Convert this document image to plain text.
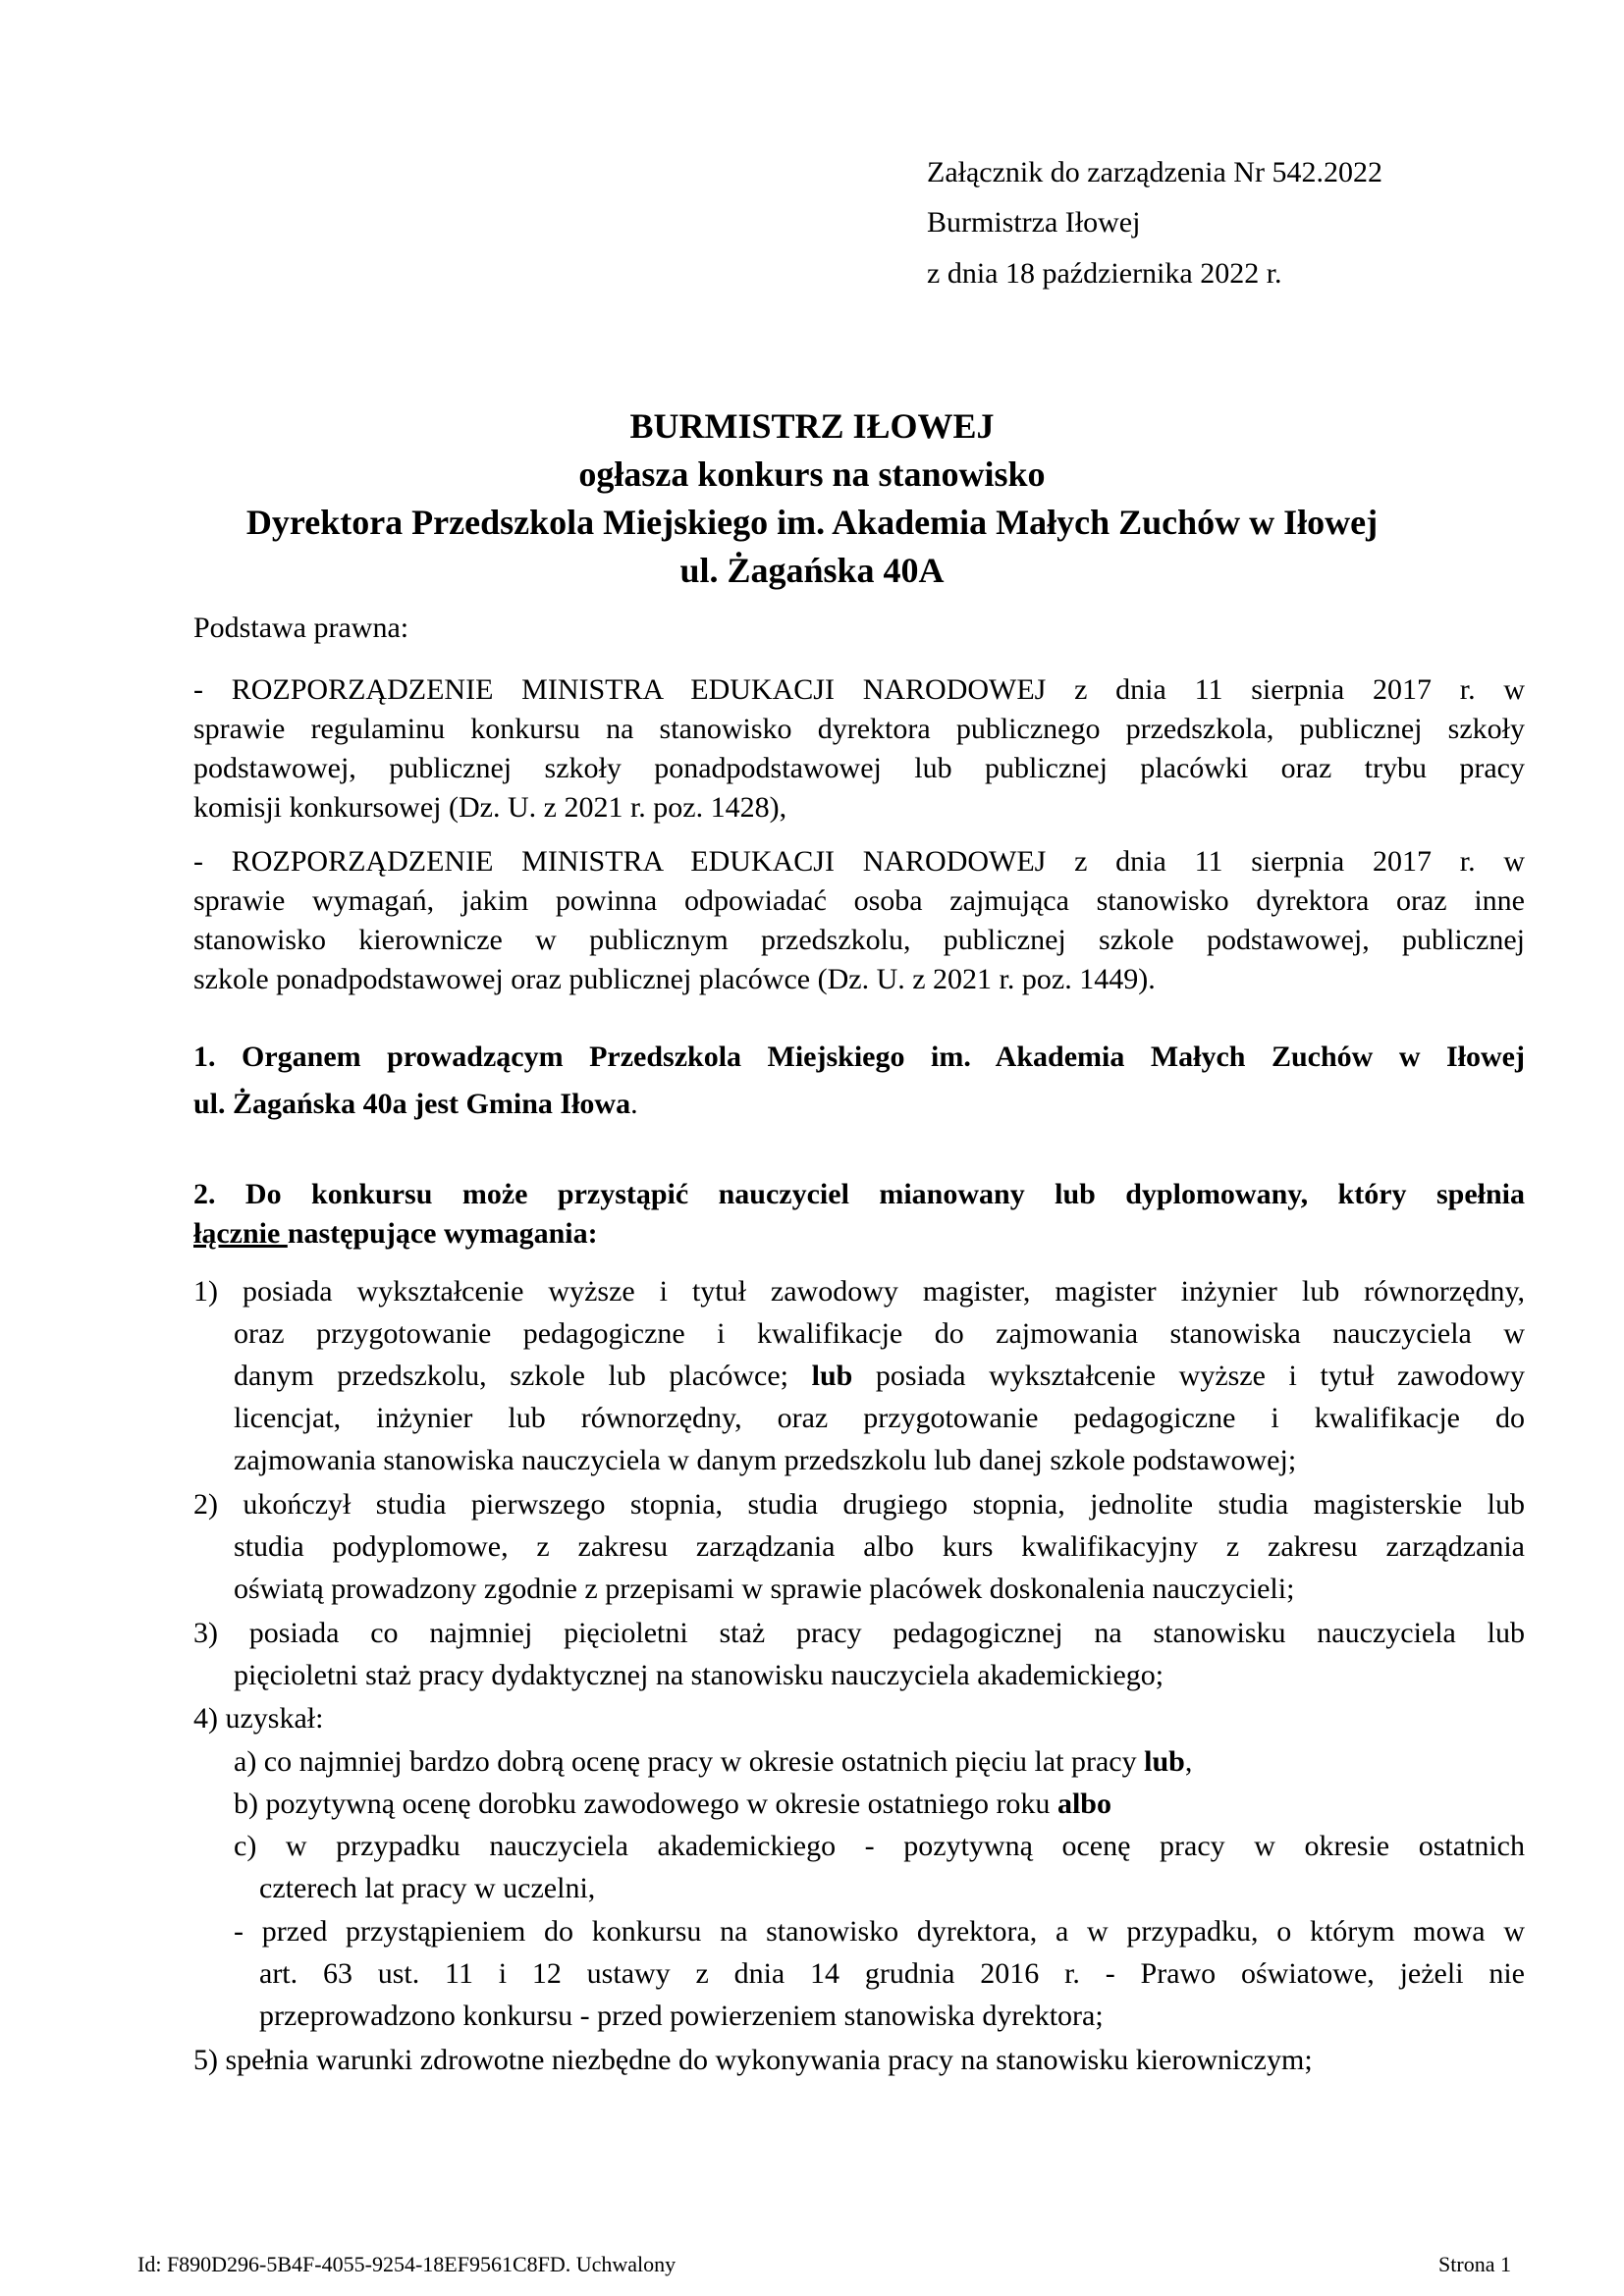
Załącznik do zarządzenia Nr 542.2022
Burmistrza Iłowej
z dnia 18 października 2022 r.
BURMISTRZ IŁOWEJ
ogłasza konkurs na stanowisko
Dyrektora Przedszkola Miejskiego im. Akademia Małych Zuchów w Iłowej
ul. Żagańska 40A
Podstawa prawna:
- ROZPORZĄDZENIE MINISTRA EDUKACJI NARODOWEJ z dnia 11 sierpnia 2017 r. w
sprawie regulaminu konkursu na stanowisko dyrektora publicznego przedszkola, publicznej szkoły
podstawowej, publicznej szkoły ponadpodstawowej lub publicznej placówki oraz trybu pracy
komisji konkursowej (Dz. U. z 2021 r. poz. 1428),
- ROZPORZĄDZENIE MINISTRA EDUKACJI NARODOWEJ z dnia 11 sierpnia 2017 r. w
sprawie wymagań, jakim powinna odpowiadać osoba zajmująca stanowisko dyrektora oraz inne
stanowisko kierownicze w publicznym przedszkolu, publicznej szkole podstawowej, publicznej
szkole ponadpodstawowej oraz publicznej placówce (Dz. U. z 2021 r. poz. 1449).
1. Organem prowadzącym Przedszkola Miejskiego im. Akademia Małych Zuchów w Iłowej
ul. Żagańska 40a jest Gmina Iłowa.
2. Do konkursu może przystąpić nauczyciel mianowany lub dyplomowany, który spełnia
łącznie następujące wymagania:
1) posiada wykształcenie wyższe i tytuł zawodowy magister, magister inżynier lub równorzędny,
oraz przygotowanie pedagogiczne i kwalifikacje do zajmowania stanowiska nauczyciela w
danym przedszkolu, szkole lub placówce; lub posiada wykształcenie wyższe i tytuł zawodowy
licencjat, inżynier lub równorzędny, oraz przygotowanie pedagogiczne i kwalifikacje do
zajmowania stanowiska nauczyciela w danym przedszkolu lub danej szkole podstawowej;
2) ukończył studia pierwszego stopnia, studia drugiego stopnia, jednolite studia magisterskie lub
studia podyplomowe, z zakresu zarządzania albo kurs kwalifikacyjny z zakresu zarządzania
oświatą prowadzony zgodnie z przepisami w sprawie placówek doskonalenia nauczycieli;
3) posiada co najmniej pięcioletni staż pracy pedagogicznej na stanowisku nauczyciela lub
pięcioletni staż pracy dydaktycznej na stanowisku nauczyciela akademickiego;
4) uzyskał:
a) co najmniej bardzo dobrą ocenę pracy w okresie ostatnich pięciu lat pracy lub,
b) pozytywną ocenę dorobku zawodowego w okresie ostatniego roku albo
c) w przypadku nauczyciela akademickiego - pozytywną ocenę pracy w okresie ostatnich
czterech lat pracy w uczelni,
- przed przystąpieniem do konkursu na stanowisko dyrektora, a w przypadku, o którym mowa w
art. 63 ust. 11 i 12 ustawy z dnia 14 grudnia 2016 r. - Prawo oświatowe, jeżeli nie
przeprowadzono konkursu - przed powierzeniem stanowiska dyrektora;
5) spełnia warunki zdrowotne niezbędne do wykonywania pracy na stanowisku kierowniczym;
Id: F890D296-5B4F-4055-9254-18EF9561C8FD. Uchwalony	Strona 1
